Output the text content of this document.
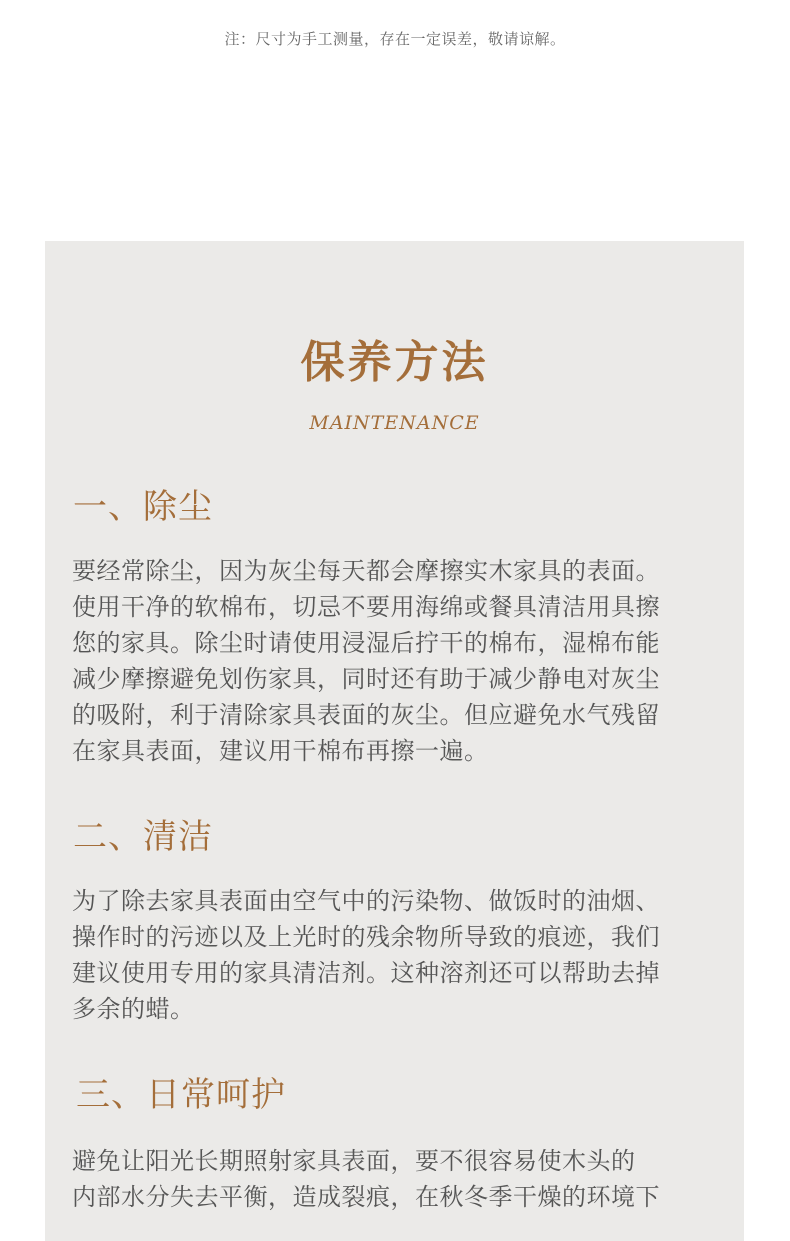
注：尺寸为手工测量，存在一定误差，敬请谅解。
保养方法
MAINTENANCE
一、除尘
要经常除尘，因为灰尘每天都会摩擦实木家具的表面。
使用干净的软棉布，切忌不要用海绵或餐具清洁用具擦
您的家具。除尘时请使用浸湿后拧干的棉布，湿棉布能
减少摩擦避免划伤家具，同时还有助于减少静电对灰尘
的吸附，利于清除家具表面的灰尘。但应避免水气残留
在家具表面，建议用干棉布再擦一遍。
二、清洁
为了除去家具表面由空气中的污染物、做饭时的油烟、
操作时的污迹以及上光时的残余物所导致的痕迹，我们
建议使用专用的家具清洁剂。这种溶剂还可以帮助去掉
多余的蜡。
三、日常呵护
避免让阳光长期照射家具表面，要不很容易使木头的
内部水分失去平衡，造成裂痕，在秋冬季干燥的环境下
